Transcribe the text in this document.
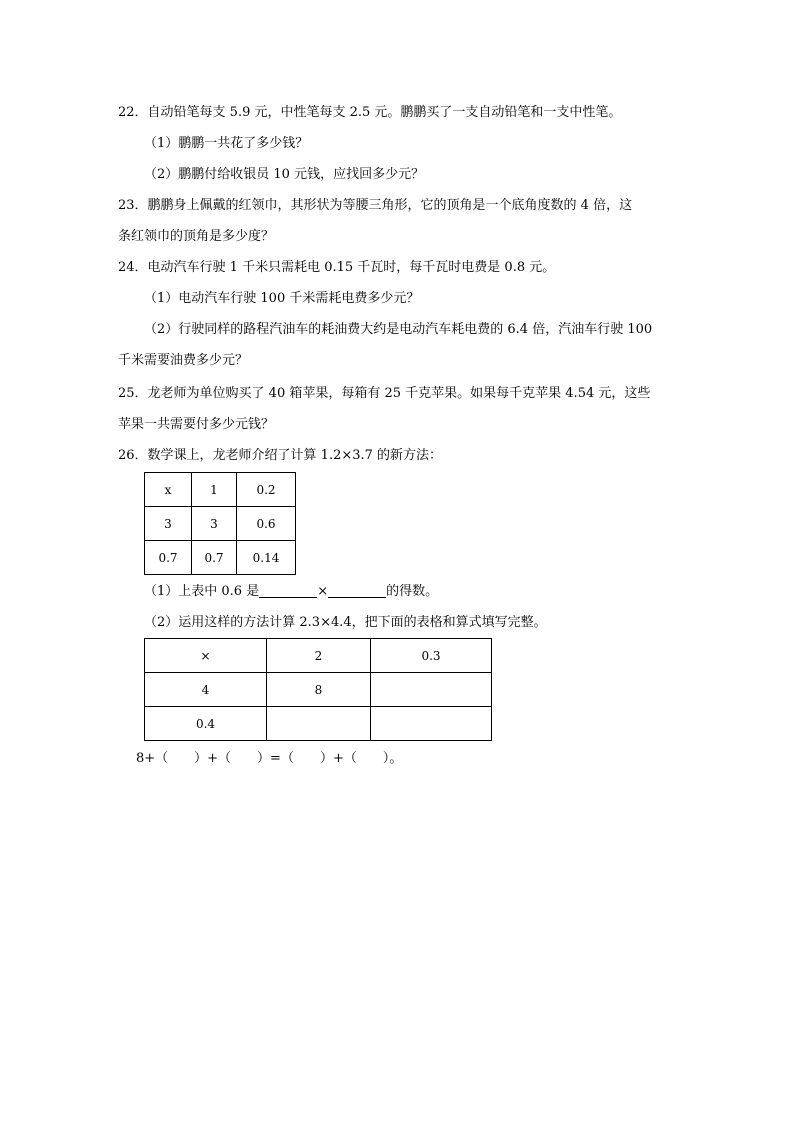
22．自动铅笔每支 5.9 元，中性笔每支 2.5 元。鹏鹏买了一支自动铅笔和一支中性笔。
（1）鹏鹏一共花了多少钱？
（2）鹏鹏付给收银员 10 元钱，应找回多少元？
23．鹏鹏身上佩戴的红领巾，其形状为等腰三角形，它的顶角是一个底角度数的 4 倍，这
条红领巾的顶角是多少度？
24．电动汽车行驶 1 千米只需耗电 0.15 千瓦时，每千瓦时电费是 0.8 元。
（1）电动汽车行驶 100 千米需耗电费多少元？
（2）行驶同样的路程汽油车的耗油费大约是电动汽车耗电费的 6.4 倍，汽油车行驶 100
千米需要油费多少元？
25．龙老师为单位购买了 40 箱苹果，每箱有 25 千克苹果。如果每千克苹果 4.54 元，这些
苹果一共需要付多少元钱？
26．数学课上，龙老师介绍了计算 1.2×3.7 的新方法：
x	1	0.2
3	3	0.6
0.7	0.7	0.14
（1）上表中 0.6 是	×	的得数。
（2）运用这样的方法计算 2.3×4.4，把下面的表格和算式填写完整。
×	2	0.3
4	8	
0.4		
8+（　　）+（　　）=（　　）+（　　）。
